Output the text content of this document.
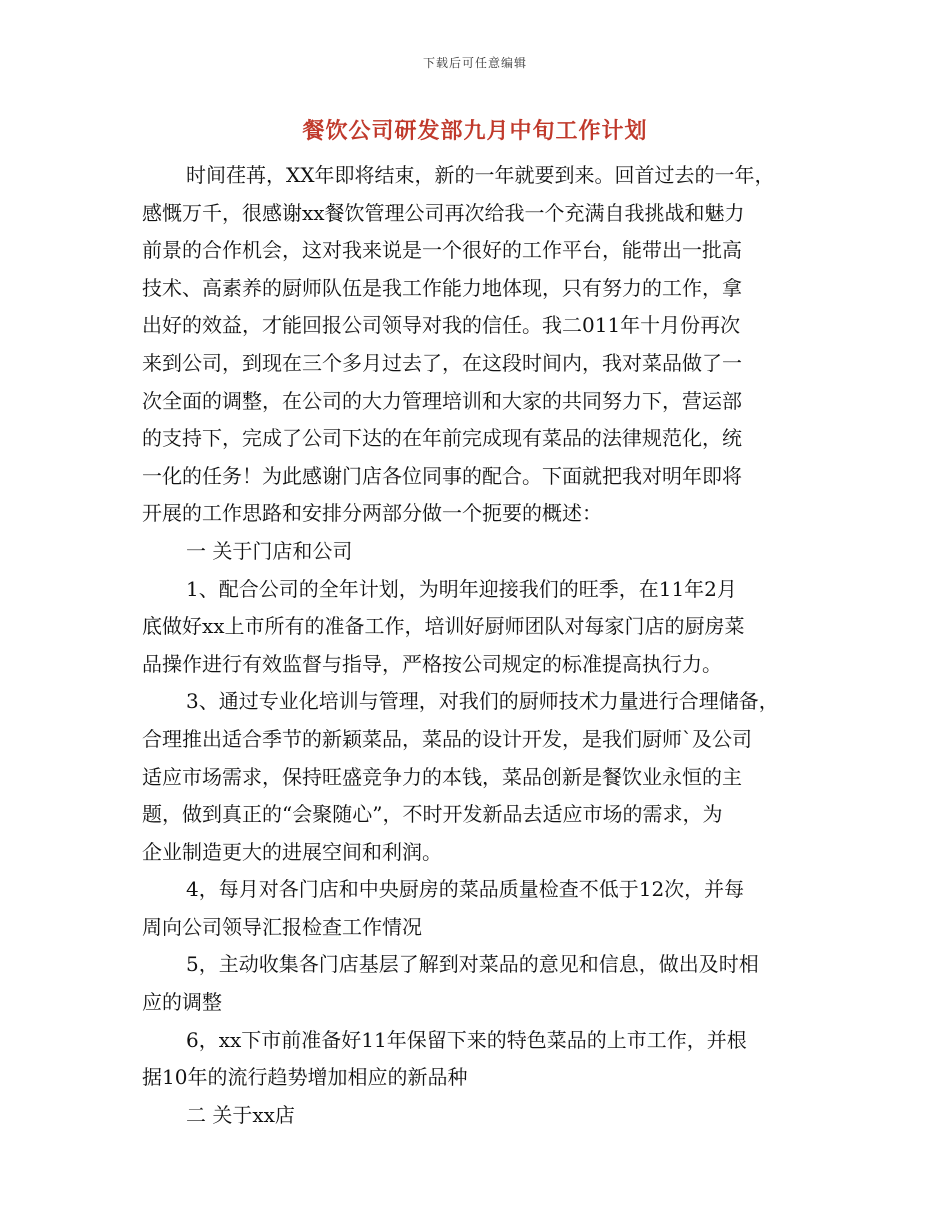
下载后可任意编辑
餐饮公司研发部九月中旬工作计划
时间荏苒，XX年即将结束，新的一年就要到来。回首过去的一年，
感慨万千，很感谢xx餐饮管理公司再次给我一个充满自我挑战和魅力
前景的合作机会，这对我来说是一个很好的工作平台，能带出一批高
技术、高素养的厨师队伍是我工作能力地体现，只有努力的工作，拿
出好的效益，才能回报公司领导对我的信任。我二011年十月份再次
来到公司，到现在三个多月过去了，在这段时间内，我对菜品做了一
次全面的调整，在公司的大力管理培训和大家的共同努力下，营运部
的支持下，完成了公司下达的在年前完成现有菜品的法律规范化，统
一化的任务！为此感谢门店各位同事的配合。下面就把我对明年即将
开展的工作思路和安排分两部分做一个扼要的概述：
一 关于门店和公司
1、配合公司的全年计划，为明年迎接我们的旺季，在11年2月
底做好xx上市所有的准备工作，培训好厨师团队对每家门店的厨房菜
品操作进行有效监督与指导，严格按公司规定的标准提高执行力。
3、通过专业化培训与管理，对我们的厨师技术力量进行合理储备，
合理推出适合季节的新颖菜品，菜品的设计开发，是我们厨师`及公司
适应市场需求，保持旺盛竞争力的本钱，菜品创新是餐饮业永恒的主
题，做到真正的“会聚随心”，不时开发新品去适应市场的需求，为
企业制造更大的进展空间和利润。
4，每月对各门店和中央厨房的菜品质量检查不低于12次，并每
周向公司领导汇报检查工作情况
5，主动收集各门店基层了解到对菜品的意见和信息，做出及时相
应的调整
6，xx下市前准备好11年保留下来的特色菜品的上市工作，并根
据10年的流行趋势增加相应的新品种
二 关于xx店
